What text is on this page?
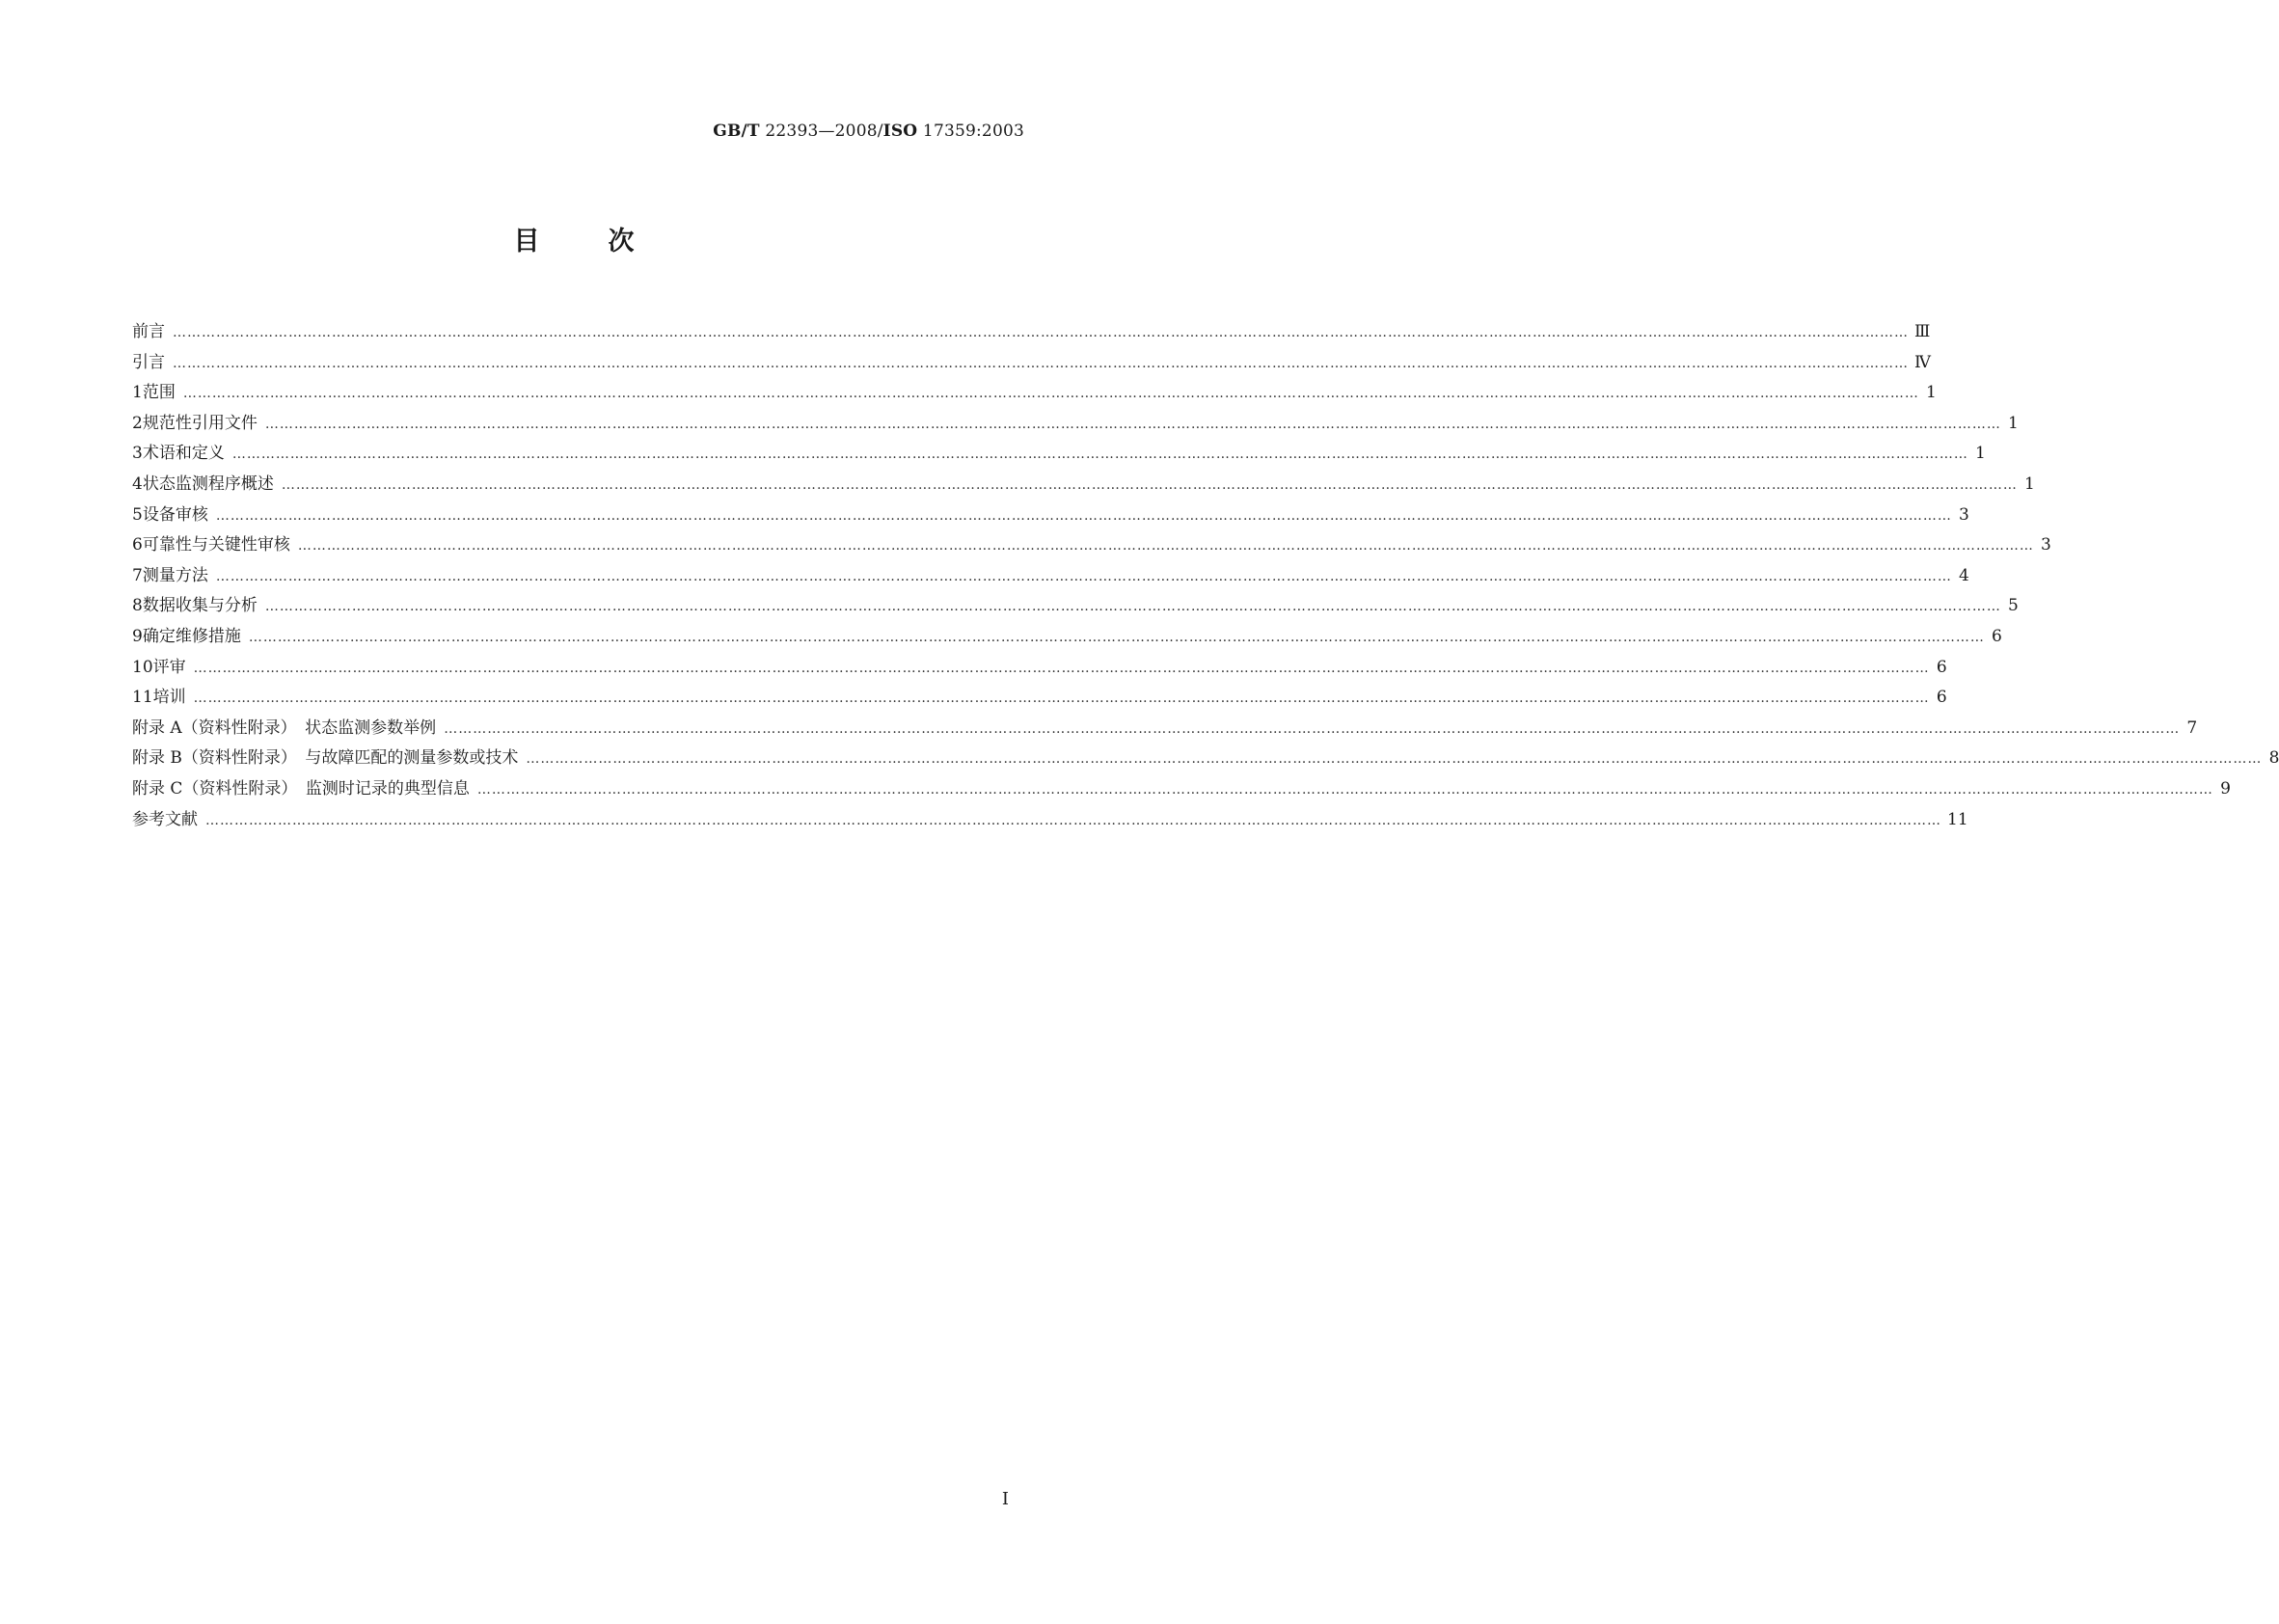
GB/T 22393—2008/ISO 17359:2003
目	次
前言 ……………………………………………………………………………………………………………………………………………………………………………………………………………………………………………………………………………………………………………………………… Ⅲ
引言 ……………………………………………………………………………………………………………………………………………………………………………………………………………………………………………………………………………………………………………………………… Ⅳ
1 范围 ……………………………………………………………………………………………………………………………………………………………………………………………………………………………………………………………………………………………………………………………… 1
2 规范性引用文件 ……………………………………………………………………………………………………………………………………………………………………………………………………………………………………………………………………………………………………………………………… 1
3 术语和定义 ……………………………………………………………………………………………………………………………………………………………………………………………………………………………………………………………………………………………………………………………… 1
4 状态监测程序概述 ……………………………………………………………………………………………………………………………………………………………………………………………………………………………………………………………………………………………………………………………… 1
5 设备审核 ……………………………………………………………………………………………………………………………………………………………………………………………………………………………………………………………………………………………………………………………… 3
6 可靠性与关键性审核 ……………………………………………………………………………………………………………………………………………………………………………………………………………………………………………………………………………………………………………………………… 3
7 测量方法 ……………………………………………………………………………………………………………………………………………………………………………………………………………………………………………………………………………………………………………………………… 4
8 数据收集与分析 ……………………………………………………………………………………………………………………………………………………………………………………………………………………………………………………………………………………………………………………………… 5
9 确定维修措施 ……………………………………………………………………………………………………………………………………………………………………………………………………………………………………………………………………………………………………………………………… 6
10 评审 ……………………………………………………………………………………………………………………………………………………………………………………………………………………………………………………………………………………………………………………………… 6
11 培训 ……………………………………………………………………………………………………………………………………………………………………………………………………………………………………………………………………………………………………………………………… 6
附录 A（资料性附录）　状态监测参数举例 ……………………………………………………………………………………………………………………………………………………………………………………………………………………………………………………………………………………………………………………………… 7
附录 B（资料性附录）　与故障匹配的测量参数或技术 ……………………………………………………………………………………………………………………………………………………………………………………………………………………………………………………………………………………………………………………………… 8
附录 C（资料性附录）　监测时记录的典型信息 ……………………………………………………………………………………………………………………………………………………………………………………………………………………………………………………………………………………………………………………………… 9
参考文献 ……………………………………………………………………………………………………………………………………………………………………………………………………………………………………………………………………………………………………………………………… 11
I
